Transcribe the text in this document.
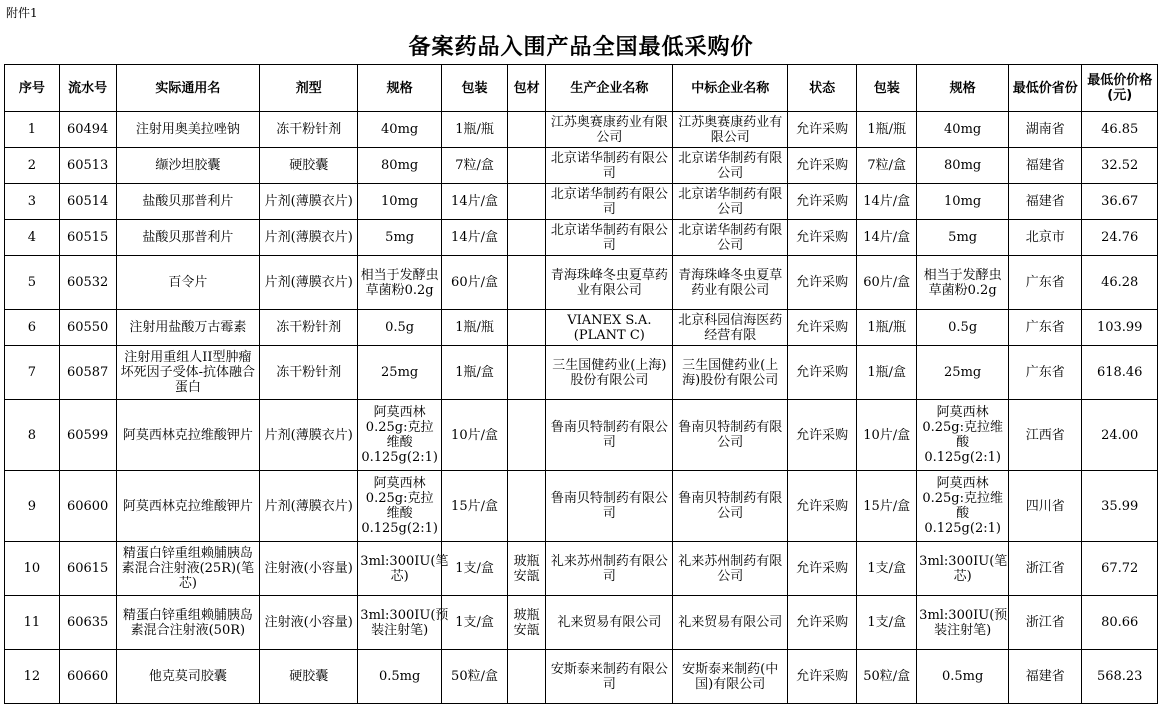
附件1
备案药品入围产品全国最低采购价
序号	流水号	实际通用名	剂型	规格	包装	包材	生产企业名称	中标企业名称	状态	包装	规格	最低价省份	最低价价格(元)

1	60494	注射用奥美拉唑钠	冻干粉针剂	40mg	1瓶/瓶		江苏奥赛康药业有限公司	江苏奥赛康药业有限公司	允许采购	1瓶/瓶	40mg	湖南省	46.85

2	60513	缬沙坦胶囊	硬胶囊	80mg	7粒/盒		北京诺华制药有限公司	北京诺华制药有限公司	允许采购	7粒/盒	80mg	福建省	32.52

3	60514	盐酸贝那普利片	片剂(薄膜衣片)	10mg	14片/盒		北京诺华制药有限公司	北京诺华制药有限公司	允许采购	14片/盒	10mg	福建省	36.67

4	60515	盐酸贝那普利片	片剂(薄膜衣片)	5mg	14片/盒		北京诺华制药有限公司	北京诺华制药有限公司	允许采购	14片/盒	5mg	北京市	24.76

5	60532	百令片	片剂(薄膜衣片)	相当于发酵虫草菌粉0.2g	60片/盒		青海珠峰冬虫夏草药业有限公司	青海珠峰冬虫夏草药业有限公司	允许采购	60片/盒	相当于发酵虫草菌粉0.2g	广东省	46.28

6	60550	注射用盐酸万古霉素	冻干粉针剂	0.5g	1瓶/瓶		VIANEX S.A.(PLANT C)	北京科园信海医药经营有限	允许采购	1瓶/瓶	0.5g	广东省	103.99

7	60587	注射用重组人II型肿瘤坏死因子受体-抗体融合蛋白	冻干粉针剂	25mg	1瓶/盒		三生国健药业(上海)股份有限公司	三生国健药业(上海)股份有限公司	允许采购	1瓶/盒	25mg	广东省	618.46

8	60599	阿莫西林克拉维酸钾片	片剂(薄膜衣片)	阿莫西林0.25g:克拉维酸0.125g(2:1)	10片/盒		鲁南贝特制药有限公司	鲁南贝特制药有限公司	允许采购	10片/盒	阿莫西林0.25g:克拉维酸0.125g(2:1)	江西省	24.00

9	60600	阿莫西林克拉维酸钾片	片剂(薄膜衣片)	阿莫西林0.25g:克拉维酸0.125g(2:1)	15片/盒		鲁南贝特制药有限公司	鲁南贝特制药有限公司	允许采购	15片/盒	阿莫西林0.25g:克拉维酸0.125g(2:1)	四川省	35.99

10	60615	精蛋白锌重组赖脯胰岛素混合注射液(25R)(笔芯)	注射液(小容量)	3ml:300IU(笔芯)	1支/盒	玻瓶安瓿	礼来苏州制药有限公司	礼来苏州制药有限公司	允许采购	1支/盒	3ml:300IU(笔芯)	浙江省	67.72

11	60635	精蛋白锌重组赖脯胰岛素混合注射液(50R)	注射液(小容量)	3ml:300IU(预装注射笔)	1支/盒	玻瓶安瓿	礼来贸易有限公司	礼来贸易有限公司	允许采购	1支/盒	3ml:300IU(预装注射笔)	浙江省	80.66

12	60660	他克莫司胶囊	硬胶囊	0.5mg	50粒/盒		安斯泰来制药有限公司	安斯泰来制药(中国)有限公司	允许采购	50粒/盒	0.5mg	福建省	568.23
